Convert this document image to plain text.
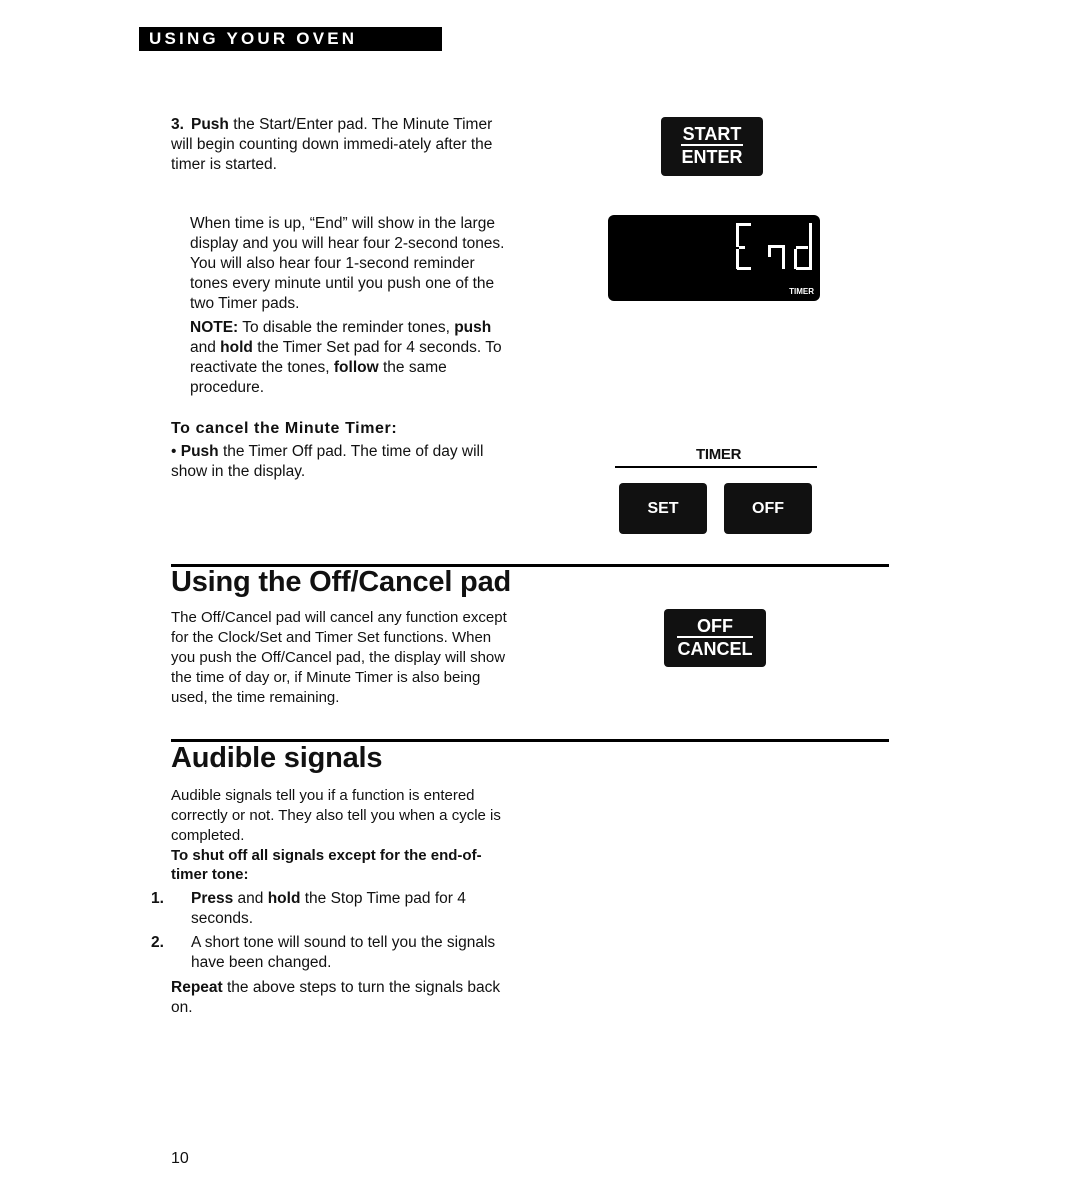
USING YOUR OVEN
3. Push the Start/Enter pad. The Minute Timer will begin counting down immedi-ately after the timer is started.
When time is up, “End” will show in the large display and you will hear four 2-second tones. You will also hear four 1-second reminder tones every minute until you push one of the two Timer pads.
NOTE: To disable the reminder tones, push and hold the Timer Set pad for 4 seconds. To reactivate the tones, follow the same procedure.
To cancel the Minute Timer:
• Push the Timer Off pad. The time of day will show in the display.
START
ENTER
TIMER
TIMER
SET	OFF
Using the Off/Cancel pad
The Off/Cancel pad will cancel any function except for the Clock/Set and Timer Set functions. When you push the Off/Cancel pad, the display will show the time of day or, if Minute Timer is also being used, the time remaining.
OFF
CANCEL
Audible signals
Audible signals tell you if a function is entered correctly or not. They also tell you when a cycle is completed.
To shut off all signals except for the end-of-timer tone:
1. Press and hold the Stop Time pad for 4 seconds.
2. A short tone will sound to tell you the signals have been changed.
Repeat the above steps to turn the signals back on.
10
